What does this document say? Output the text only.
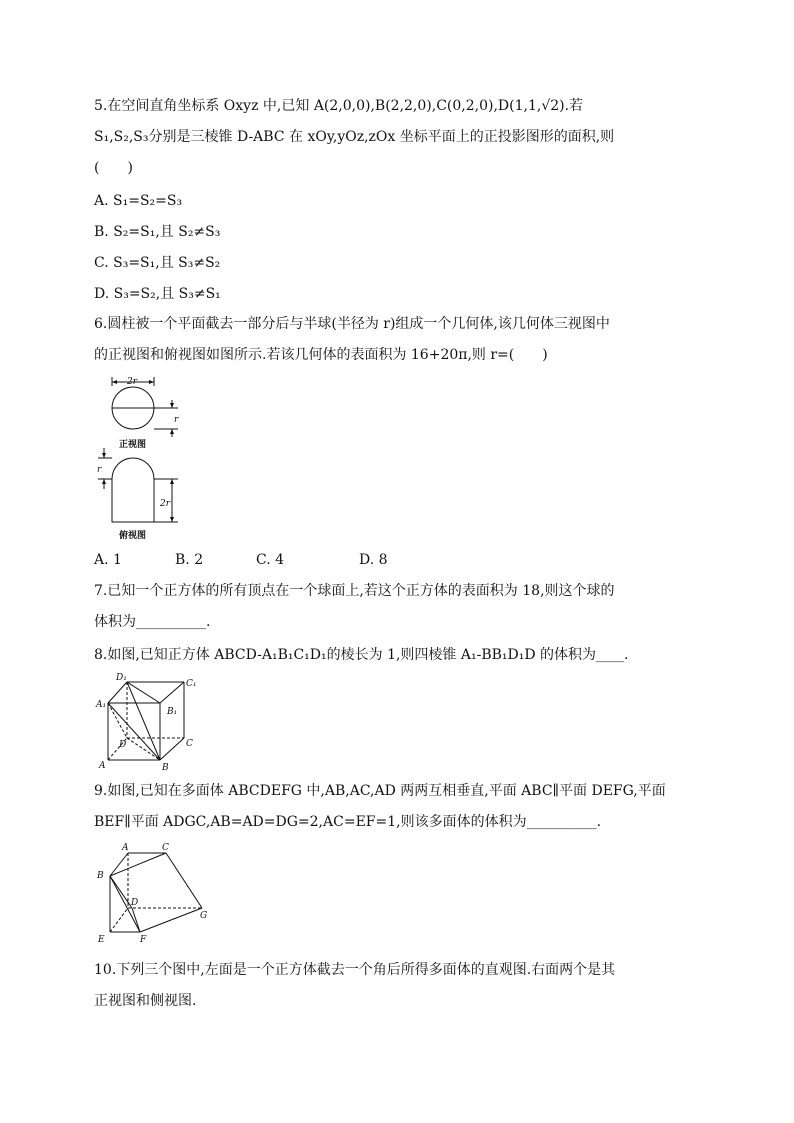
5.在空间直角坐标系 Oxyz 中,已知 A(2,0,0),B(2,2,0),C(0,2,0),D(1,1,√2).若
S₁,S₂,S₃分别是三棱锥 D-ABC 在 xOy,yOz,zOx 坐标平面上的正投影图形的面积,则
(　　)
A. S₁=S₂=S₃
B. S₂=S₁,且 S₂≠S₃
C. S₃=S₁,且 S₃≠S₂
D. S₃=S₂,且 S₃≠S₁
6.圆柱被一个平面截去一部分后与半球(半径为 r)组成一个几何体,该几何体三视图中
的正视图和俯视图如图所示.若该几何体的表面积为 16+20π,则 r=(　　)
2r
r
正视图
r
2r
俯视图
A. 1	B. 2	C. 4	D. 8
7.已知一个正方体的所有顶点在一个球面上,若这个正方体的表面积为 18,则这个球的
体积为__________.
8.如图,已知正方体 ABCD-A₁B₁C₁D₁的棱长为 1,则四棱锥 A₁-BB₁D₁D 的体积为____.
D₁
C₁
A₁
B₁
D	C
A	B
9.如图,已知在多面体 ABCDEFG 中,AB,AC,AD 两两互相垂直,平面 ABC∥平面 DEFG,平面
BEF∥平面 ADGC,AB=AD=DG=2,AC=EF=1,则该多面体的体积为__________.
A	C
B
D
G
E	F
10.下列三个图中,左面是一个正方体截去一个角后所得多面体的直观图.右面两个是其
正视图和侧视图.
